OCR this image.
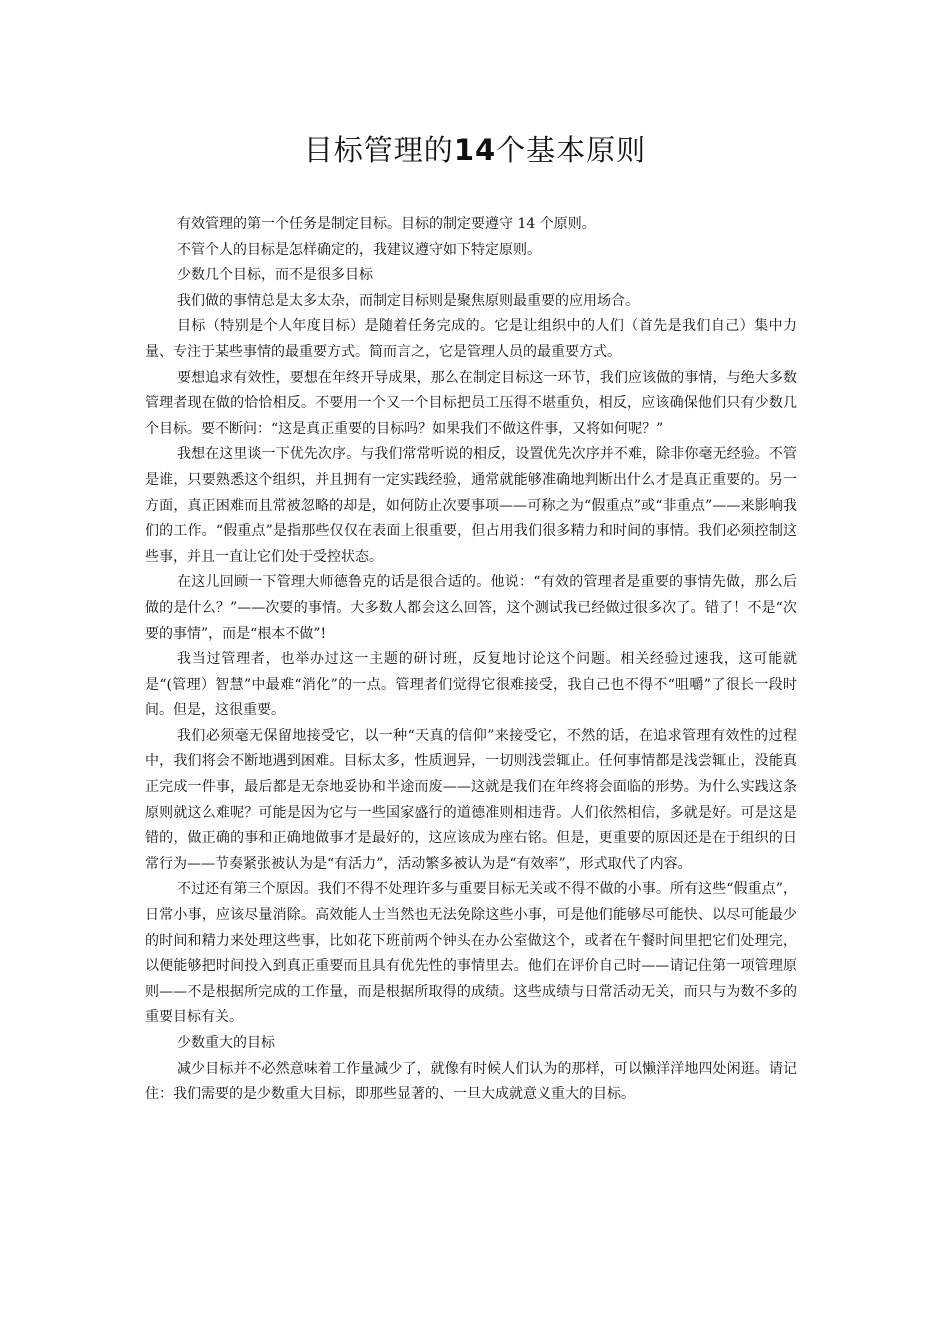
目标管理的14个基本原则

有效管理的第一个任务是制定目标。目标的制定要遵守 14 个原则。

不管个人的目标是怎样确定的，我建议遵守如下特定原则。

少数几个目标，而不是很多目标

我们做的事情总是太多太杂，而制定目标则是聚焦原则最重要的应用场合。

目标（特别是个人年度目标）是随着任务完成的。它是让组织中的人们（首先是我们自己）集中力量、专注于某些事情的最重要方式。简而言之，它是管理人员的最重要方式。

要想追求有效性，要想在年终开导成果，那么在制定目标这一环节，我们应该做的事情，与绝大多数管理者现在做的恰恰相反。不要用一个又一个目标把员工压得不堪重负，相反，应该确保他们只有少数几个目标。要不断问：“这是真正重要的目标吗？如果我们不做这件事，又将如何呢？”

我想在这里谈一下优先次序。与我们常常听说的相反，设置优先次序并不难，除非你毫无经验。不管是谁，只要熟悉这个组织，并且拥有一定实践经验，通常就能够准确地判断出什么才是真正重要的。另一方面，真正困难而且常被忽略的却是，如何防止次要事项——可称之为“假重点”或“非重点”——来影响我们的工作。“假重点”是指那些仅仅在表面上很重要，但占用我们很多精力和时间的事情。我们必须控制这些事，并且一直让它们处于受控状态。

在这儿回顾一下管理大师德鲁克的话是很合适的。他说：“有效的管理者是重要的事情先做，那么后做的是什么？”——次要的事情。大多数人都会这么回答，这个测试我已经做过很多次了。错了！不是“次要的事情”，而是“根本不做”!

我当过管理者，也举办过这一主题的研讨班，反复地讨论这个问题。相关经验过速我，这可能就是“(管理）智慧”中最难“消化”的一点。管理者们觉得它很难接受，我自己也不得不“咀嚼”了很长一段时间。但是，这很重要。

我们必须毫无保留地接受它，以一种“天真的信仰”来接受它，不然的话，在追求管理有效性的过程中，我们将会不断地遇到困难。目标太多，性质迥异，一切则浅尝辄止。任何事情都是浅尝辄止，没能真正完成一件事，最后都是无奈地妥协和半途而废——这就是我们在年终将会面临的形势。为什么实践这条原则就这么难呢？可能是因为它与一些国家盛行的道德准则相违背。人们依然相信，多就是好。可是这是错的，做正确的事和正确地做事才是最好的，这应该成为座右铭。但是，更重要的原因还是在于组织的日常行为——节奏紧张被认为是“有活力”，活动繁多被认为是“有效率”，形式取代了内容。

不过还有第三个原因。我们不得不处理许多与重要目标无关或不得不做的小事。所有这些“假重点”，日常小事，应该尽量消除。高效能人士当然也无法免除这些小事，可是他们能够尽可能快、以尽可能最少的时间和精力来处理这些事，比如花下班前两个钟头在办公室做这个，或者在午餐时间里把它们处理完，以便能够把时间投入到真正重要而且具有优先性的事情里去。他们在评价自己时——请记住第一项管理原则——不是根据所完成的工作量，而是根据所取得的成绩。这些成绩与日常活动无关，而只与为数不多的重要目标有关。

少数重大的目标

减少目标并不必然意味着工作量减少了，就像有时候人们认为的那样，可以懒洋洋地四处闲逛。请记住：我们需要的是少数重大目标，即那些显著的、一旦大成就意义重大的目标。
